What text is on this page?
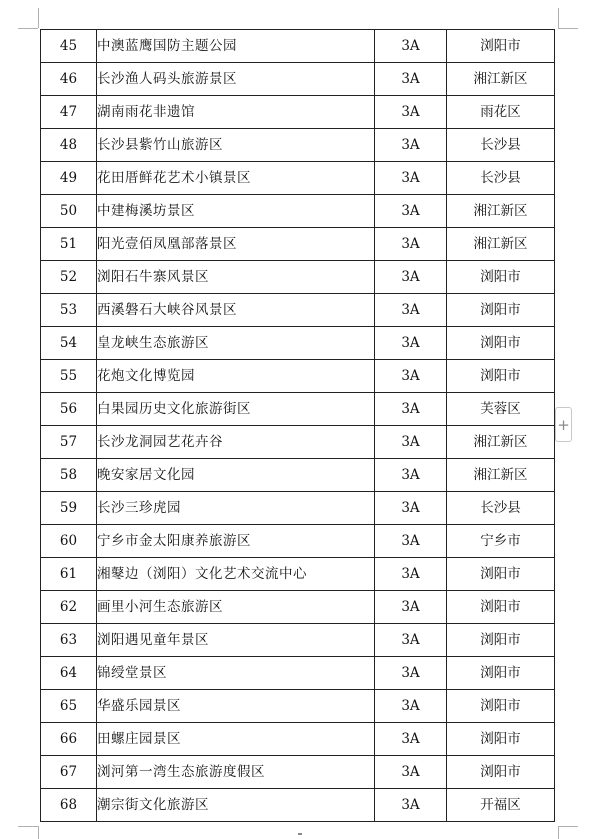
45	中澳蓝鹰国防主题公园	3A	浏阳市
46	长沙渔人码头旅游景区	3A	湘江新区
47	湖南雨花非遗馆	3A	雨花区
48	长沙县紫竹山旅游区	3A	长沙县
49	花田厝鲜花艺术小镇景区	3A	长沙县
50	中建梅溪坊景区	3A	湘江新区
51	阳光壹佰凤凰部落景区	3A	湘江新区
52	浏阳石牛寨风景区	3A	浏阳市
53	西溪磐石大峡谷风景区	3A	浏阳市
54	皇龙峡生态旅游区	3A	浏阳市
55	花炮文化博览园	3A	浏阳市
56	白果园历史文化旅游街区	3A	芙蓉区
57	长沙龙洞园艺花卉谷	3A	湘江新区
58	晚安家居文化园	3A	湘江新区
59	长沙三珍虎园	3A	长沙县
60	宁乡市金太阳康养旅游区	3A	宁乡市
61	湘鼕边（浏阳）文化艺术交流中心	3A	浏阳市
62	画里小河生态旅游区	3A	浏阳市
63	浏阳遇见童年景区	3A	浏阳市
64	锦绶堂景区	3A	浏阳市
65	华盛乐园景区	3A	浏阳市
66	田螺庄园景区	3A	浏阳市
67	浏河第一湾生态旅游度假区	3A	浏阳市
68	潮宗街文化旅游区	3A	开福区
+
